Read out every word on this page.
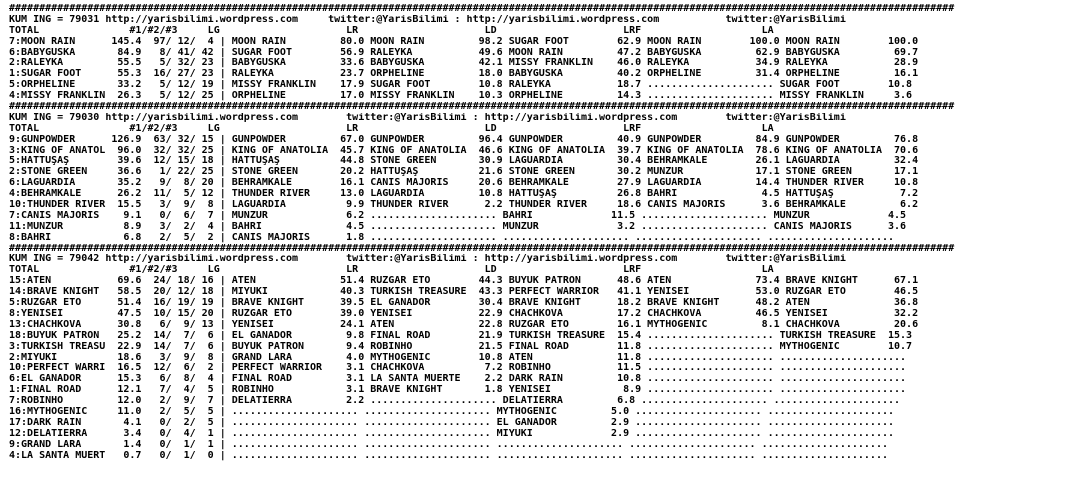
#############################################################################################################################################################
KUM ING = 79031 http://yarisbilimi.wordpress.com     twitter:@YarisBilimi : http://yarisbilimi.wordpress.com           twitter:@YarisBilimi
TOTAL               #1/#2/#3     LG                     LR                     LD                     LRF                    LA
7:MOON RAIN      145.4  97/ 12/  4 | MOON RAIN         80.0 MOON RAIN         98.2 SUGAR FOOT        62.9 MOON RAIN        100.0 MOON RAIN        100.0
6:BABYGUSKA       84.9   8/ 41/ 42 | SUGAR FOOT        56.9 RALEYKA           49.6 MOON RAIN         47.2 BABYGUSKA         62.9 BABYGUSKA         69.7
2:RALEYKA         55.5   5/ 32/ 23 | BABYGUSKA         33.6 BABYGUSKA         42.1 MISSY FRANKLIN    46.0 RALEYKA           34.9 RALEYKA           28.9
1:SUGAR FOOT      55.3  16/ 27/ 23 | RALEYKA           23.7 ORPHELINE         18.0 BABYGUSKA         40.2 ORPHELINE         31.4 ORPHELINE         16.1
5:ORPHELINE       33.2   5/ 12/ 19 | MISSY FRANKLIN    17.9 SUGAR FOOT        10.8 RALEYKA           18.7 ..................... SUGAR FOOT        10.8
4:MISSY FRANKLIN  26.3   5/ 12/ 25 | ORPHELINE         17.0 MISSY FRANKLIN    10.3 ORPHELINE         14.3 ..................... MISSY FRANKLIN     3.6
#############################################################################################################################################################
KUM ING = 79030 http://yarisbilimi.wordpress.com        twitter:@YarisBilimi : http://yarisbilimi.wordpress.com        twitter:@YarisBilimi
TOTAL               #1/#2/#3     LG                     LR                     LD                     LRF                    LA
9:GUNPOWDER      126.9  63/ 32/ 15 | GUNPOWDER         67.0 GUNPOWDER         96.4 GUNPOWDER         40.9 GUNPOWDER         84.9 GUNPOWDER         76.8
3:KING OF ANATOL  96.0  32/ 32/ 25 | KING OF ANATOLIA  45.7 KING OF ANATOLIA  46.6 KING OF ANATOLIA  39.7 KING OF ANATOLIA  78.6 KING OF ANATOLIA  70.6
5:HATTUŞAŞ        39.6  12/ 15/ 18 | HATTUŞAŞ          44.8 STONE GREEN       30.9 LAGUARDIA         30.4 BEHRAMKALE        26.1 LAGUARDIA         32.4
2:STONE GREEN     36.6   1/ 22/ 25 | STONE GREEN       20.2 HATTUŞAŞ          21.6 STONE GREEN       30.2 MUNZUR            17.1 STONE GREEN       17.1
6:LAGUARDIA       35.2   9/  8/ 20 | BEHRAMKALE        16.1 CANIS MAJORIS     20.6 BEHRAMKALE        27.9 LAGUARDIA         14.4 THUNDER RIVER     10.8
4:BEHRAMKALE      26.2  11/  5/ 12 | THUNDER RIVER     13.0 LAGUARDIA         10.8 HATTUŞAŞ          26.8 BAHRİ              4.5 HATTUŞAŞ           7.2
10:THUNDER RIVER  15.5   3/  9/  8 | LAGUARDIA          9.9 THUNDER RIVER      2.2 THUNDER RIVER     18.6 CANIS MAJORIS      3.6 BEHRAMKALE         6.2
7:CANIS MAJORIS    9.1   0/  6/  7 | MUNZUR             6.2 ..................... BAHRİ             11.5 ..................... MUNZUR             4.5
11:MUNZUR          8.9   3/  2/  4 | BAHRİ              4.5 ..................... MUNZUR             3.2 ..................... CANIS MAJORIS      3.6
8:BAHRİ            6.8   2/  5/  2 | CANIS MAJORIS      1.8 ..................... ..................... ..................... .....................
#############################################################################################################################################################
KUM ING = 79042 http://yarisbilimi.wordpress.com        twitter:@YarisBilimi : http://yarisbilimi.wordpress.com        twitter:@YarisBilimi
TOTAL               #1/#2/#3     LG                     LR                     LD                     LRF                    LA
15:ATEN           69.6  24/ 18/ 16 | ATEN              51.4 RÜZGAR ETO        44.3 BÜYÜK PATRON      48.6 ATEN              73.4 BRAVE KNIGHT      67.1
14:BRAVE KNIGHT   58.5  20/ 12/ 18 | MİYUKİ            40.3 TURKISH TREASURE  43.3 PERFECT WARRIOR   41.1 YENİSEİ           53.0 RÜZGAR ETO        46.5
5:RÜZGAR ETO      51.4  16/ 19/ 19 | BRAVE KNIGHT      39.5 EL GANADOR        30.4 BRAVE KNIGHT      18.2 BRAVE KNIGHT      48.2 ATEN              36.8
8:YENİSEİ         47.5  10/ 15/ 20 | RÜZGAR ETO        39.0 YENİSEİ           22.9 CHACHKOVA         17.2 CHACHKOVA         46.5 YENİSEİ           32.2
13:CHACHKOVA      30.8   6/  9/ 13 | YENİSEİ           24.1 ATEN              22.8 RÜZGAR ETO        16.1 MYTHOGENIC         8.1 CHACHKOVA         20.6
18:BÜYÜK PATRON   25.2  14/  7/  6 | EL GANADOR         9.8 FINAL ROAD        21.9 TURKISH TREASURE  15.4 ..................... TURKISH TREASURE  15.3
3:TURKISH TREASU  22.9  14/  7/  6 | BÜYÜK PATRON       9.4 ROBINHO           21.5 FINAL ROAD        11.8 ..................... MYTHOGENIC        10.7
2:MİYUKİ          18.6   3/  9/  8 | GRAND LARA         4.0 MYTHOGENIC        10.8 ATEN              11.8 ..................... .....................
10:PERFECT WARRI  16.5  12/  6/  2 | PERFECT WARRIOR    3.1 CHACHKOVA          7.2 ROBINHO           11.5 ..................... .....................
6:EL GANADOR      15.3   6/  8/  4 | FINAL ROAD         3.1 LA SANTA MUERTE    2.2 DARK RAIN         10.8 ..................... .....................
1:FINAL ROAD      12.1   7/  4/  5 | ROBINHO            3.1 BRAVE KNIGHT       1.8 YENİSEİ            8.9 ..................... .....................
7:ROBINHO         12.0   2/  9/  7 | DELATIERRA         2.2 ..................... DELATIERRA         6.8 ..................... .....................
16:MYTHOGENIC     11.0   2/  5/  5 | ..................... ..................... MYTHOGENIC         5.0 ..................... .....................
17:DARK RAIN       4.1   0/  2/  5 | ..................... ..................... EL GANADOR         2.9 ..................... .....................
12:DELATIERRA      3.4   0/  4/  1 | ..................... ..................... MİYUKİ             2.9 ..................... .....................
9:GRAND LARA       1.4   0/  1/  1 | ..................... ..................... ..................... ..................... .....................
4:LA SANTA MUERT   0.7   0/  1/  0 | ..................... ..................... ..................... ..................... .....................
